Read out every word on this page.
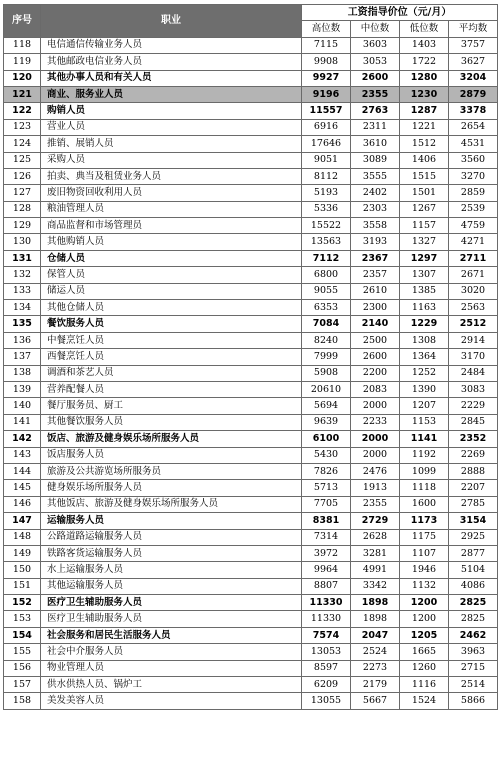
序号	职业	工资指导价位（元/月）			
		高位数	中位数	低位数	平均数
118	电信通信传输业务人员	7115	3603	1403	3757
119	其他邮政电信业务人员	9908	3053	1722	3627
120	其他办事人员和有关人员	9927	2600	1280	3204
121	商业、服务业人员	9196	2355	1230	2879
122	购销人员	11557	2763	1287	3378
123	营业人员	6916	2311	1221	2654
124	推销、展销人员	17646	3610	1512	4531
125	采购人员	9051	3089	1406	3560
126	拍卖、典当及租赁业务人员	8112	3555	1515	3270
127	废旧物资回收利用人员	5193	2402	1501	2859
128	粮油管理人员	5336	2303	1267	2539
129	商品监督和市场管理员	15522	3558	1157	4759
130	其他购销人员	13563	3193	1327	4271
131	仓储人员	7112	2367	1297	2711
132	保管人员	6800	2357	1307	2671
133	储运人员	9055	2610	1385	3020
134	其他仓储人员	6353	2300	1163	2563
135	餐饮服务人员	7084	2140	1229	2512
136	中餐烹饪人员	8240	2500	1308	2914
137	西餐烹饪人员	7999	2600	1364	3170
138	调酒和茶艺人员	5908	2200	1252	2484
139	营养配餐人员	20610	2083	1390	3083
140	餐厅服务员、厨工	5694	2000	1207	2229
141	其他餐饮服务人员	9639	2233	1153	2845
142	饭店、旅游及健身娱乐场所服务人员	6100	2000	1141	2352
143	饭店服务人员	5430	2000	1192	2269
144	旅游及公共游览场所服务员	7826	2476	1099	2888
145	健身娱乐场所服务人员	5713	1913	1118	2207
146	其他饭店、旅游及健身娱乐场所服务人员	7705	2355	1600	2785
147	运输服务人员	8381	2729	1173	3154
148	公路道路运输服务人员	7314	2628	1175	2925
149	铁路客货运输服务人员	3972	3281	1107	2877
150	水上运输服务人员	9964	4991	1946	5104
151	其他运输服务人员	8807	3342	1132	4086
152	医疗卫生辅助服务人员	11330	1898	1200	2825
153	医疗卫生辅助服务人员	11330	1898	1200	2825
154	社会服务和居民生活服务人员	7574	2047	1205	2462
155	社会中介服务人员	13053	2524	1665	3963
156	物业管理人员	8597	2273	1260	2715
157	供水供热人员、锅炉工	6209	2179	1116	2514
158	美发美容人员	13055	5667	1524	5866
